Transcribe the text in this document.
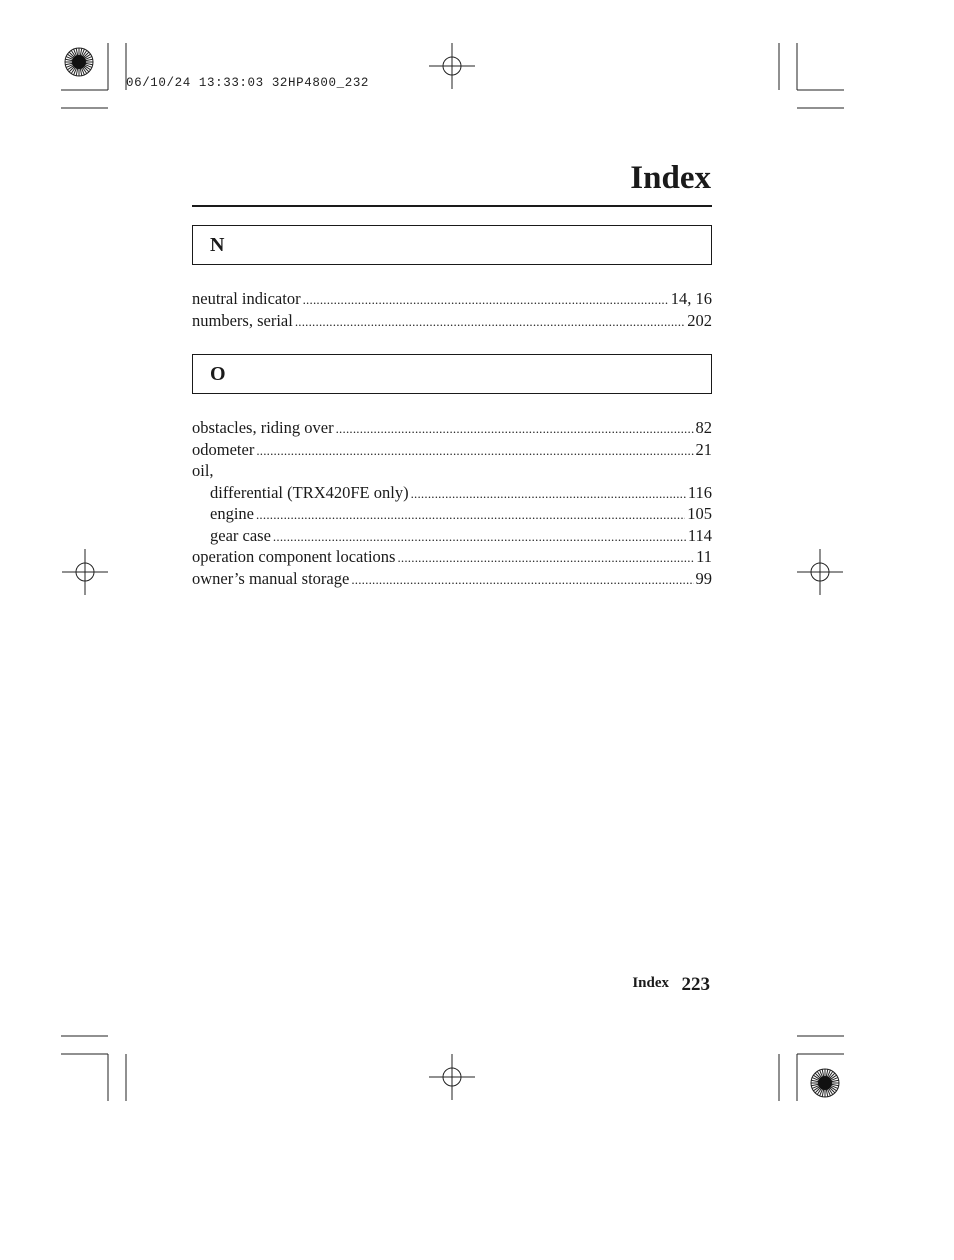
06/10/24 13:33:03 32HP4800_232
Index
N
neutral indicator .....	14, 16
numbers, serial .....	202
O
obstacles, riding over .....	82
odometer .....	21
oil,
differential (TRX420FE only) .....	116
engine .....	105
gear case .....	114
operation component locations .....	11
owner’s manual storage .....	99
Index 223
